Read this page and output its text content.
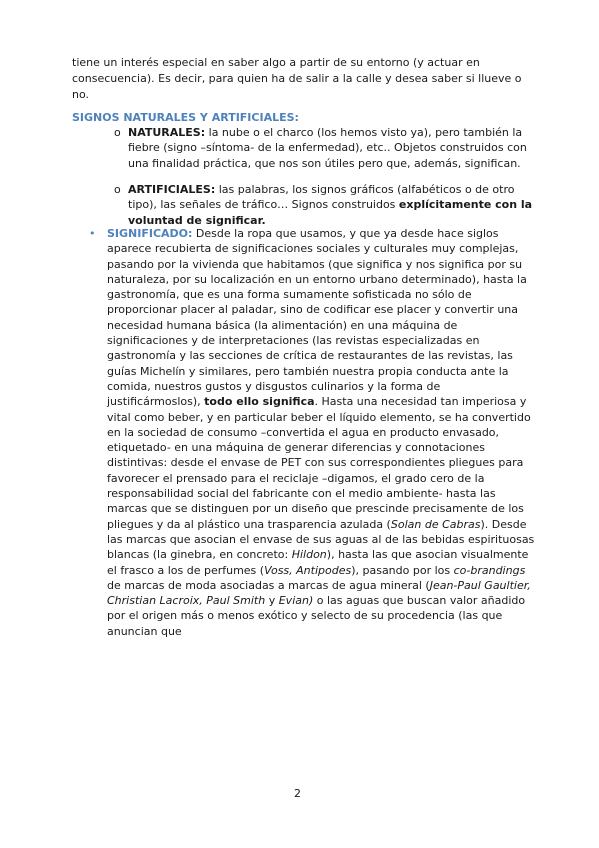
tiene un interés especial en saber algo a partir de su entorno (y actuar en consecuencia). Es decir, para quien ha de salir a la calle y desea saber si llueve o no.
SIGNOS NATURALES Y ARTIFICIALES:
o NATURALES: la nube o el charco (los hemos visto ya), pero también la fiebre (signo –síntoma- de la enfermedad), etc.. Objetos construidos con una finalidad práctica, que nos son útiles pero que, además, significan.
o ARTIFICIALES: las palabras, los signos gráficos (alfabéticos o de otro tipo), las señales de tráfico… Signos construidos explícitamente con la voluntad de significar.
• SIGNIFICADO: Desde la ropa que usamos, y que ya desde hace siglos aparece recubierta de significaciones sociales y culturales muy complejas, pasando por la vivienda que habitamos (que significa y nos significa por su naturaleza, por su localización en un entorno urbano determinado), hasta la gastronomía, que es una forma sumamente sofisticada no sólo de proporcionar placer al paladar, sino de codificar ese placer y convertir una necesidad humana básica (la alimentación) en una máquina de significaciones y de interpretaciones (las revistas especializadas en gastronomía y las secciones de crítica de restaurantes de las revistas, las guías Michelín y similares, pero también nuestra propia conducta ante la comida, nuestros gustos y disgustos culinarios y la forma de justificármoslos), todo ello significa. Hasta una necesidad tan imperiosa y vital como beber, y en particular beber el líquido elemento, se ha convertido en la sociedad de consumo –convertida el agua en producto envasado, etiquetado- en una máquina de generar diferencias y connotaciones distintivas: desde el envase de PET con sus correspondientes pliegues para favorecer el prensado para el reciclaje –digamos, el grado cero de la responsabilidad social del fabricante con el medio ambiente- hasta las marcas que se distinguen por un diseño que prescinde precisamente de los pliegues y da al plástico una trasparencia azulada (Solan de Cabras). Desde las marcas que asocian el envase de sus aguas al de las bebidas espirituosas blancas (la ginebra, en concreto: Hildon), hasta las que asocian visualmente el frasco a los de perfumes (Voss, Antipodes), pasando por los co-brandings de marcas de moda asociadas a marcas de agua mineral (Jean-Paul Gaultier, Christian Lacroix, Paul Smith y Evian) o las aguas que buscan valor añadido por el origen más o menos exótico y selecto de su procedencia (las que anuncian que
2
